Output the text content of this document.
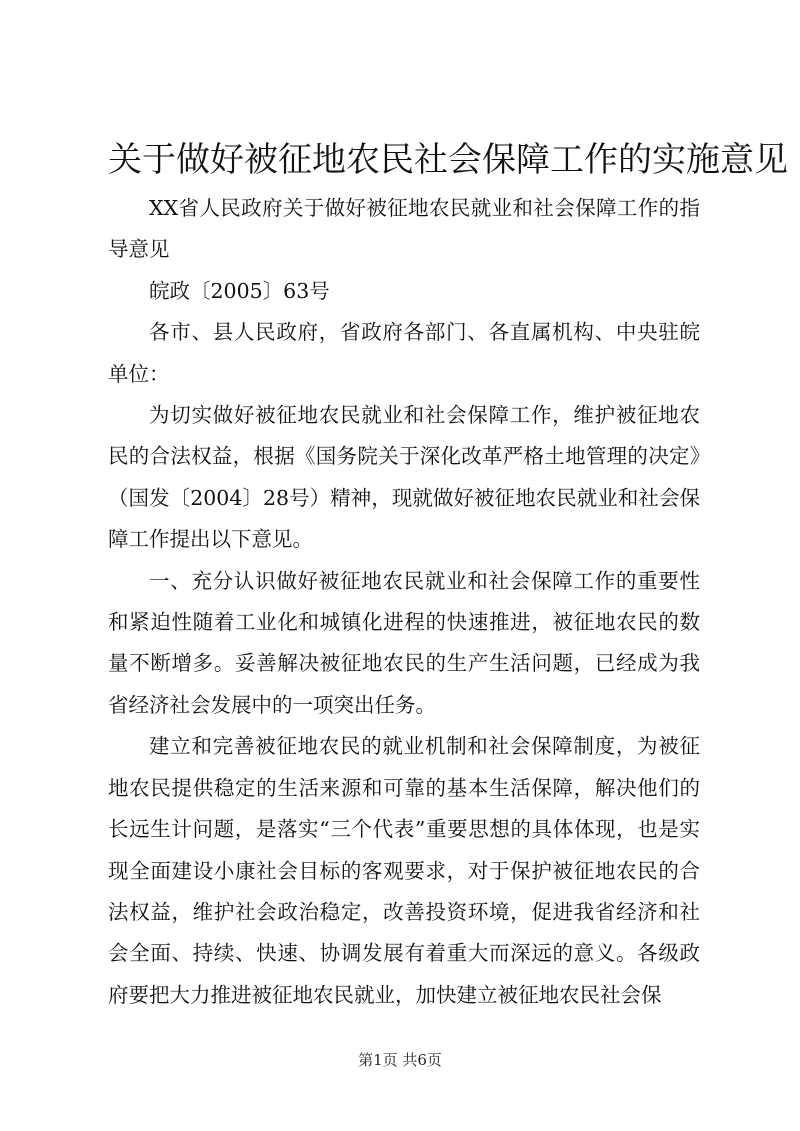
关于做好被征地农民社会保障工作的实施意见

XX省人民政府关于做好被征地农民就业和社会保障工作的指导意见

皖政〔2005〕63号

各市、县人民政府，省政府各部门、各直属机构、中央驻皖单位：

为切实做好被征地农民就业和社会保障工作，维护被征地农民的合法权益，根据《国务院关于深化改革严格土地管理的决定》（国发〔2004〕28号）精神，现就做好被征地农民就业和社会保障工作提出以下意见。

一、充分认识做好被征地农民就业和社会保障工作的重要性和紧迫性随着工业化和城镇化进程的快速推进，被征地农民的数量不断增多。妥善解决被征地农民的生产生活问题，已经成为我省经济社会发展中的一项突出任务。

建立和完善被征地农民的就业机制和社会保障制度，为被征地农民提供稳定的生活来源和可靠的基本生活保障，解决他们的长远生计问题，是落实“三个代表”重要思想的具体体现，也是实现全面建设小康社会目标的客观要求，对于保护被征地农民的合法权益，维护社会政治稳定，改善投资环境，促进我省经济和社会全面、持续、快速、协调发展有着重大而深远的意义。各级政府要把大力推进被征地农民就业，加快建立被征地农民社会保

第1页 共6页
